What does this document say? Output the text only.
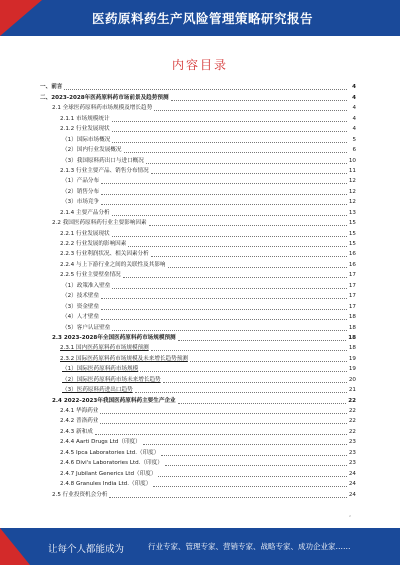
医药原料药生产风险管理策略研究报告
内容目录
一、前言	4
二、2023-2028年医药原料药市场前景及趋势预测	4
2.1 全球医药原料药市场规模及增长趋势	4
2.1.1 市场规模统计	4
2.1.2 行业发展现状	4
（1）国际市场概况	5
（2）国内行业发展概况	6
（3）我国原料药出口与进口概况	10
2.1.3 行业主要产品、销售分布情况	11
（1）产品分布	12
（2）销售分布	12
（3）市场竞争	12
2.1.4 主要产品分析	13
2.2 我国医药原料药行业主要影响因素	15
2.2.1 行业发展现状	15
2.2.2 行业发展的影响因素	15
2.2.3 行业利润状况、相关因素分析	16
2.2.4 与上下游行业之间的关联性及其影响	16
2.2.5 行业主要壁垒情况	17
（1）政策准入壁垒	17
（2）技术壁垒	17
（3）资金壁垒	17
（4）人才壁垒	18
（5）客户认证壁垒	18
2.3 2023-2028年全国医药原料药市场规模预测	18
2.3.1 国内医药原料药市场规模预测	18
2.3.2 国际医药原料药市场规模及未来增长趋势预测	19
（1）国际医药原料药市场规模	19
（2）国际医药原料药市场未来增长趋势	20
（3）医药原料药进出口趋势	21
2.4 2022-2023年我国医药原料药主要生产企业	22
2.4.1 华海药业	22
2.4.2 普洛药业	22
2.4.3 新和成	22
2.4.4 Aarti Drugs Ltd（印度）	23
2.4.5 Ipca Laboratories Ltd.（印度）	23
2.4.6 Divi's Laboratories Ltd.（印度）	23
2.4.7 Jubilant Generics Ltd（印度）	24
2.4.8 Granules India Ltd.（印度）	24
2.5 行业投资机会分析	24
2
让每个人都能成为	行业专家、管理专家、营销专家、战略专家、成功企业家……
